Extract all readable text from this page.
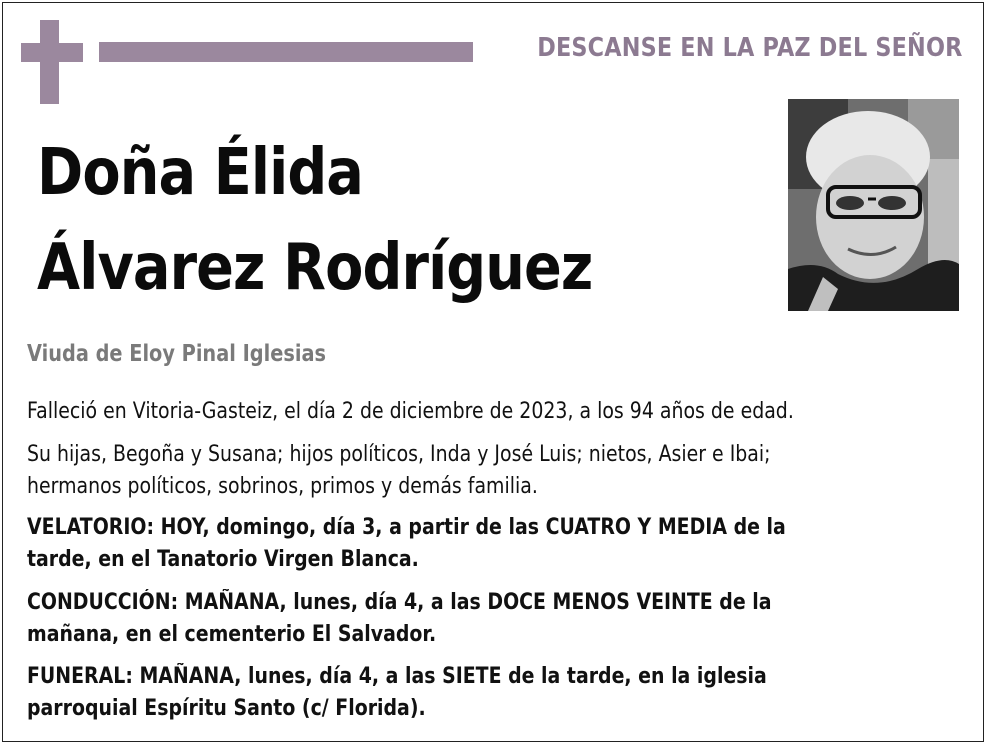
DESCANSE EN LA PAZ DEL SEÑOR
Doña Élida
Álvarez Rodríguez
Viuda de Eloy Pinal Iglesias
Falleció en Vitoria-Gasteiz, el día 2 de diciembre de 2023, a los 94 años de edad.
Su hijas, Begoña y Susana; hijos políticos, Inda y José Luis; nietos, Asier e Ibai;
hermanos políticos, sobrinos, primos y demás familia.
VELATORIO: HOY, domingo, día 3, a partir de las CUATRO Y MEDIA de la
tarde, en el Tanatorio Virgen Blanca.
CONDUCCIÓN: MAÑANA, lunes, día 4, a las DOCE MENOS VEINTE de la
mañana, en el cementerio El Salvador.
FUNERAL: MAÑANA, lunes, día 4, a las SIETE de la tarde, en la iglesia
parroquial Espíritu Santo (c/ Florida).
